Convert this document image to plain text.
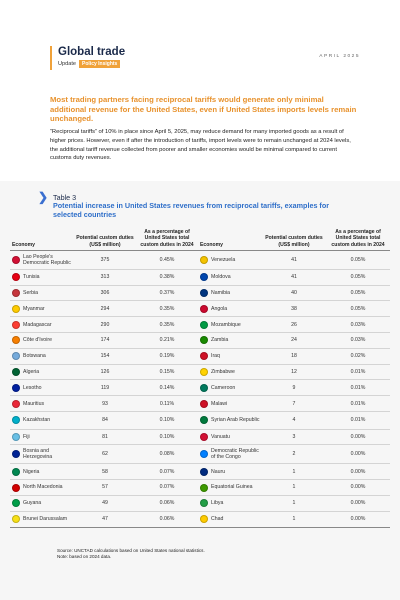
Global trade
Update Policy Insights
APRIL 2025
Most trading partners facing reciprocal tariffs would generate only minimal additional revenue for the United States, even if United States imports levels remain unchanged.
“Reciprocal tariffs” of 10% in place since April 5, 2025, may reduce demand for many imported goods as a result of higher prices. However, even if after the introduction of tariffs, import levels were to remain unchanged at 2024 levels, the additional tariff revenue collected from poorer and smaller economies would be minimal compared to current customs duty revenues.
❯ Table 3
Potential increase in United States revenues from reciprocal tariffs, examples for selected countries
Economy	Potential custom duties (US$ million)	As a percentage of United States total custom duties in 2024	Economy	Potential custom duties (US$ million)	As a percentage of United States total custom duties in 2024

Lao People's Democratic Republic	375	0.45%	Venezuela	41	0.05%

Tunisia	313	0.38%	Moldova	41	0.05%

Serbia	306	0.37%	Namibia	40	0.05%

Myanmar	294	0.35%	Angola	38	0.05%

Madagascar	290	0.35%	Mozambique	26	0.03%

Côte d'Ivoire	174	0.21%	Zambia	24	0.03%

Botswana	154	0.19%	Iraq	18	0.02%

Algeria	126	0.15%	Zimbabwe	12	0.01%

Lesotho	119	0.14%	Cameroon	9	0.01%

Mauritius	93	0.11%	Malawi	7	0.01%

Kazakhstan	84	0.10%	Syrian Arab Republic	4	0.01%

Fiji	81	0.10%	Vanuatu	3	0.00%

Bosnia and Herzegovina	62	0.08%	Democratic Republic of the Congo	2	0.00%

Nigeria	58	0.07%	Nauru	1	0.00%

North Macedonia	57	0.07%	Equatorial Guinea	1	0.00%

Guyana	49	0.06%	Libya	1	0.00%

Brunei Darussalam	47	0.06%	Chad	1	0.00%
Source: UNCTAD calculations based on United States national statistics.
Note: based on 2024 data.
